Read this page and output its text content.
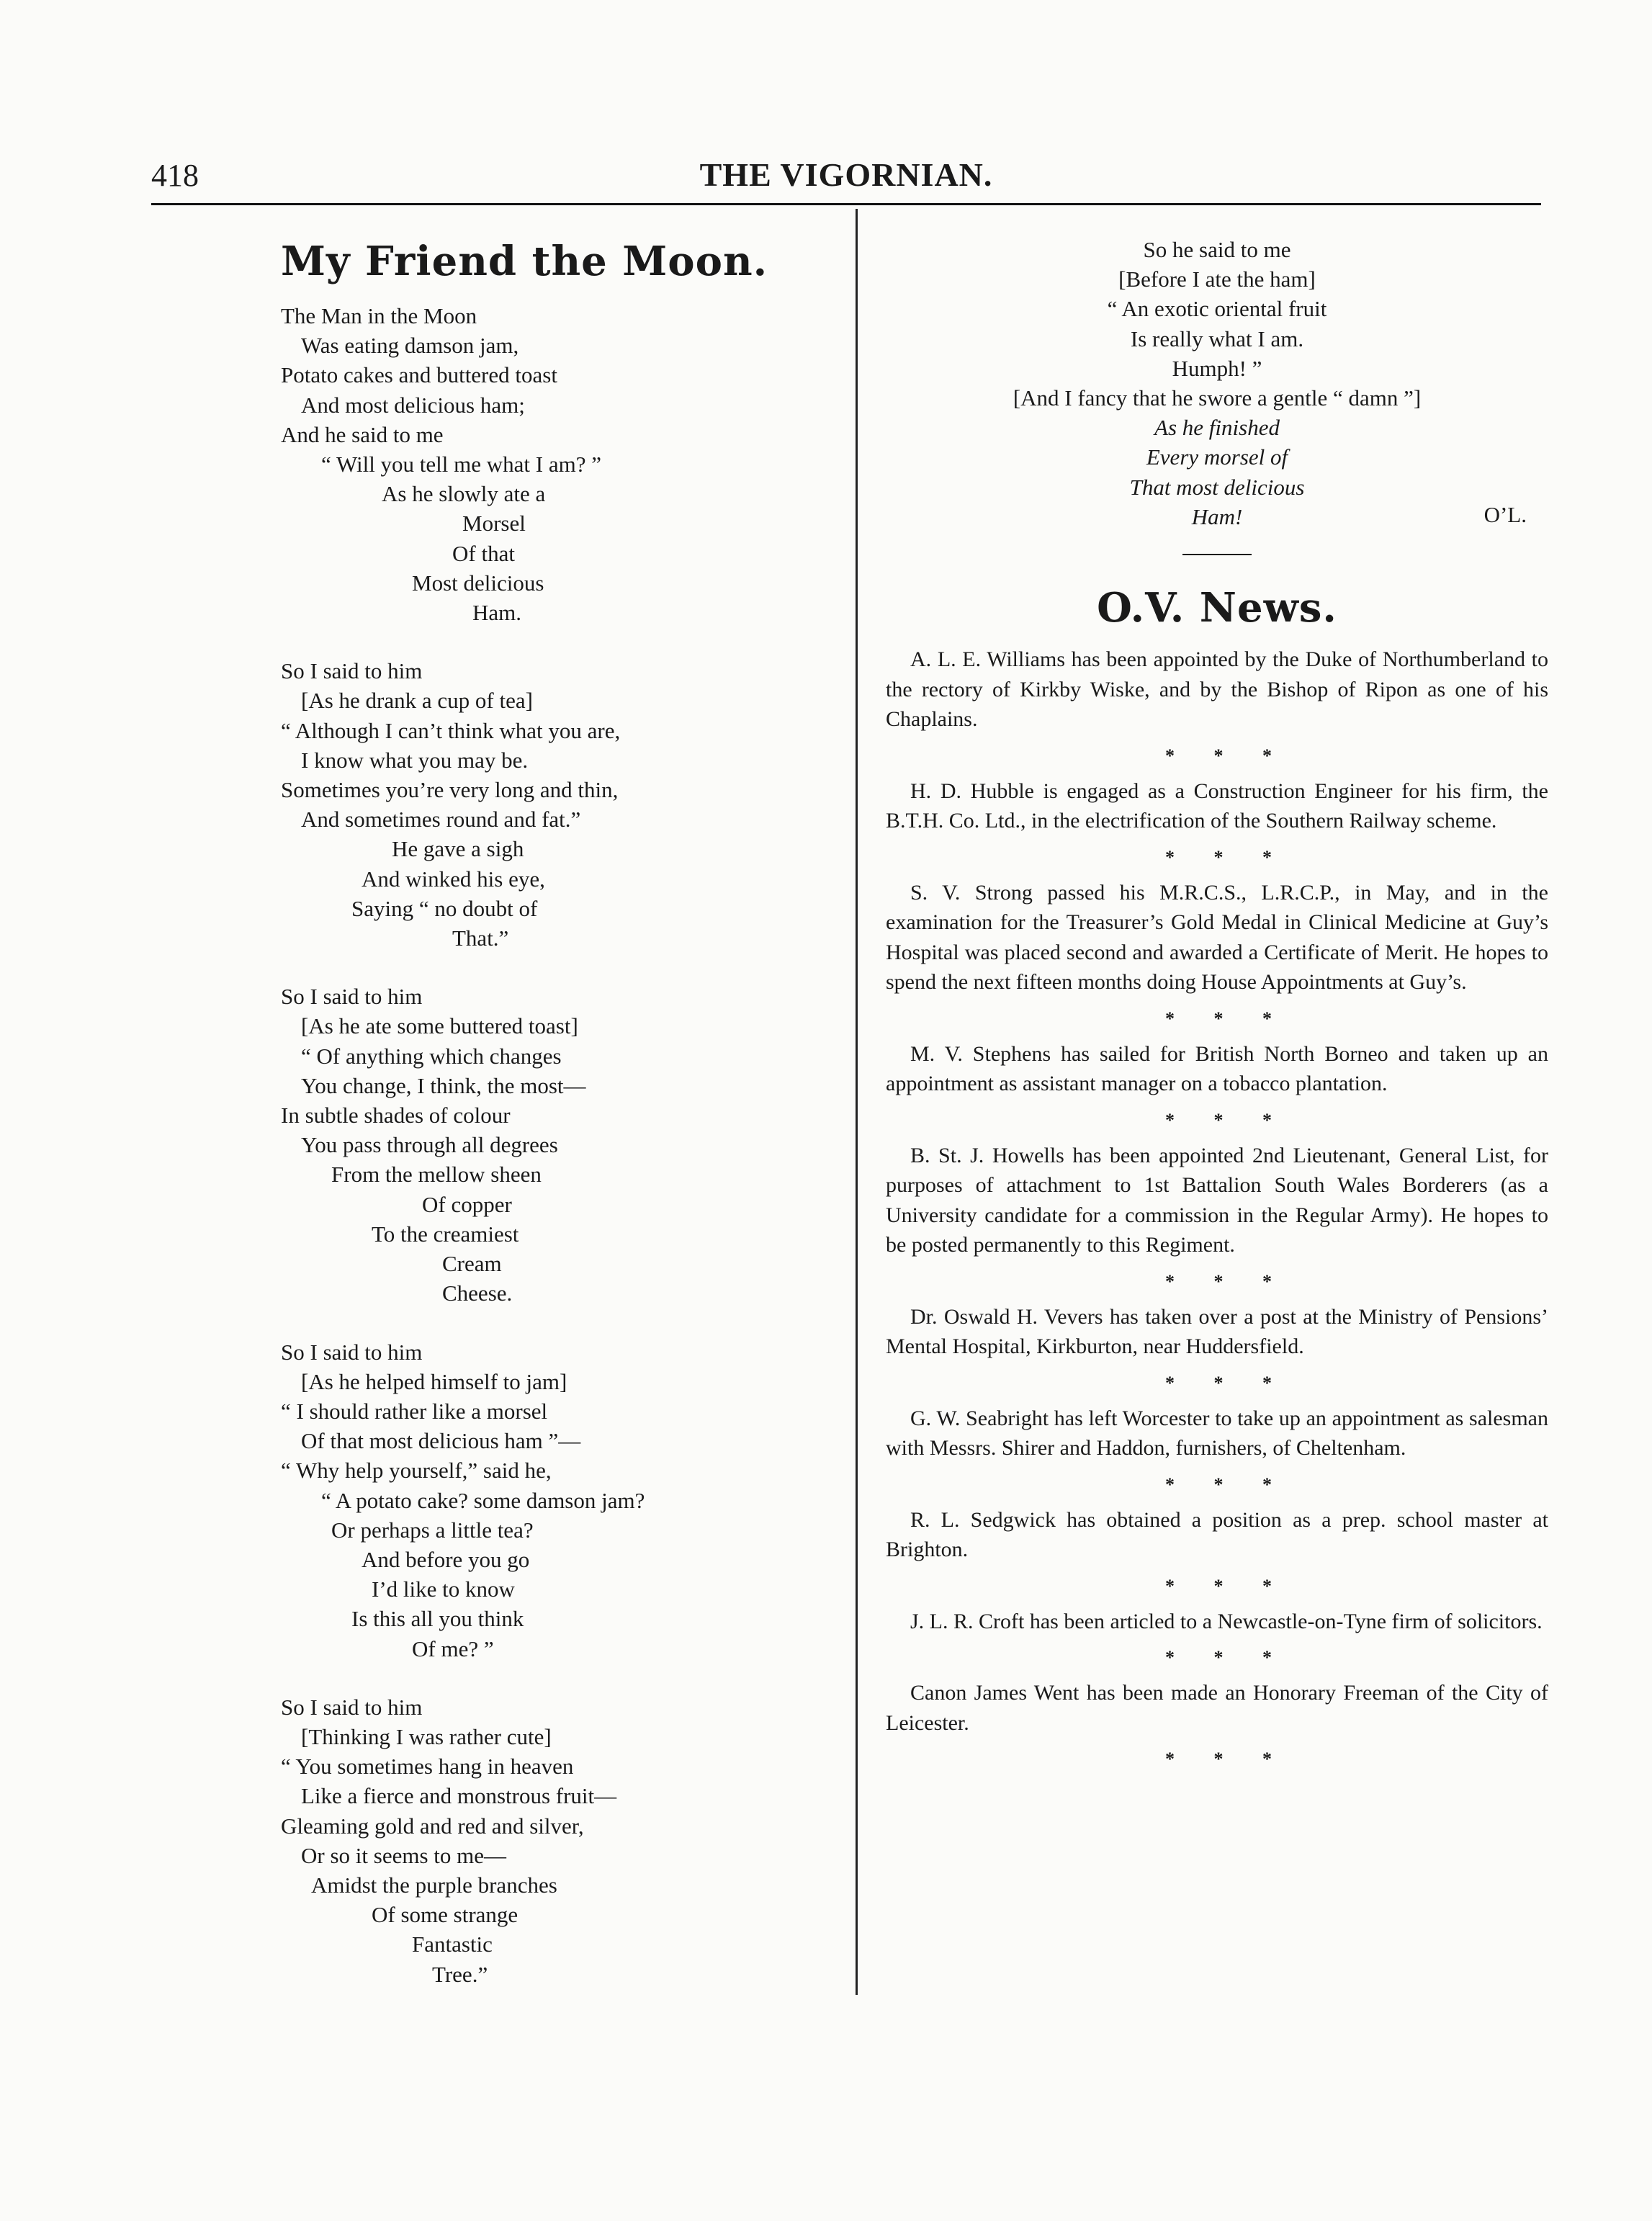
418	THE VIGORNIAN.
My Friend the Moon.
The Man in the Moon
Was eating damson jam,
Potato cakes and buttered toast
And most delicious ham;
And he said to me
“ Will you tell me what I am? ”
As he slowly ate a
Morsel
Of that
Most delicious
Ham.
So I said to him
[As he drank a cup of tea]
“ Although I can’t think what you are,
I know what you may be.
Sometimes you’re very long and thin,
And sometimes round and fat.”
He gave a sigh
And winked his eye,
Saying “ no doubt of
That.”
So I said to him
[As he ate some buttered toast]
“ Of anything which changes
You change, I think, the most—
In subtle shades of colour
You pass through all degrees
From the mellow sheen
Of copper
To the creamiest
Cream
Cheese.
So I said to him
[As he helped himself to jam]
“ I should rather like a morsel
Of that most delicious ham ”—
“ Why help yourself,” said he,
“ A potato cake? some damson jam?
Or perhaps a little tea?
And before you go
I’d like to know
Is this all you think
Of me? ”
So I said to him
[Thinking I was rather cute]
“ You sometimes hang in heaven
Like a fierce and monstrous fruit—
Gleaming gold and red and silver,
Or so it seems to me—
Amidst the purple branches
Of some strange
Fantastic
Tree.”
So he said to me
[Before I ate the ham]
“ An exotic oriental fruit
Is really what I am.
Humph! ”
[And I fancy that he swore a gentle “ damn ”]
As he finished
Every morsel of
That most delicious
Ham!	O’L.
O.V. News.

A. L. E. Williams has been appointed by the Duke of Northumberland to the rectory of Kirkby Wiske, and by the Bishop of Ripon as one of his Chaplains.

* * *

H. D. Hubble is engaged as a Construction Engineer for his firm, the B.T.H. Co. Ltd., in the electrification of the Southern Railway scheme.

* * *

S. V. Strong passed his M.R.C.S., L.R.C.P., in May, and in the examination for the Treasurer’s Gold Medal in Clinical Medicine at Guy’s Hospital was placed second and awarded a Certificate of Merit. He hopes to spend the next fifteen months doing House Appointments at Guy’s.

* * *

M. V. Stephens has sailed for British North Borneo and taken up an appointment as assistant manager on a tobacco plantation.

* * *

B. St. J. Howells has been appointed 2nd Lieutenant, General List, for purposes of attachment to 1st Battalion South Wales Borderers (as a University candidate for a commission in the Regular Army). He hopes to be posted permanently to this Regiment.

* * *

Dr. Oswald H. Vevers has taken over a post at the Ministry of Pensions’ Mental Hospital, Kirkburton, near Huddersfield.

* * *

G. W. Seabright has left Worcester to take up an appointment as salesman with Messrs. Shirer and Haddon, furnishers, of Cheltenham.

* * *

R. L. Sedgwick has obtained a position as a prep. school master at Brighton.

* * *

J. L. R. Croft has been articled to a Newcastle-on-Tyne firm of solicitors.

* * *

Canon James Went has been made an Honorary Freeman of the City of Leicester.

* * *
